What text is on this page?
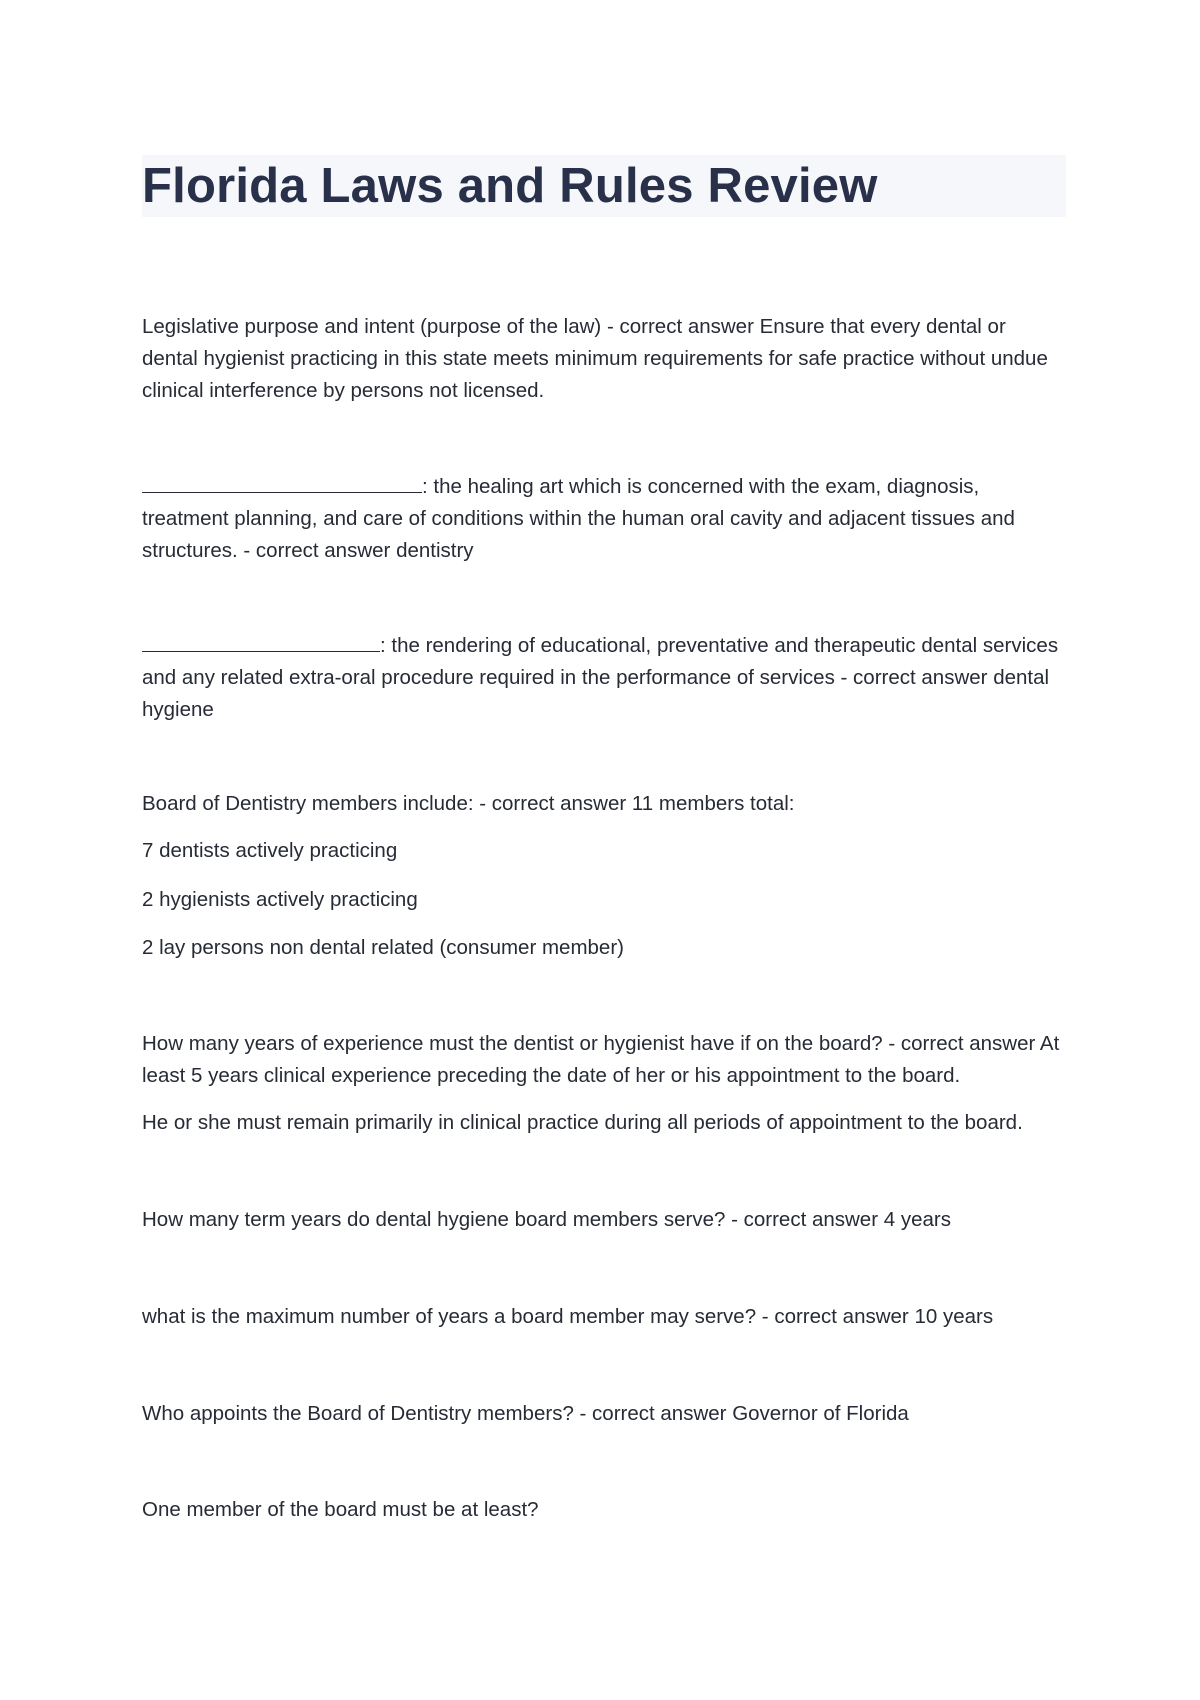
Florida Laws and Rules Review

Legislative purpose and intent (purpose of the law) - correct answer Ensure that every dental or dental hygienist practicing in this state meets minimum requirements for safe practice without undue clinical interference by persons not licensed.

: the healing art which is concerned with the exam, diagnosis, treatment planning, and care of conditions within the human oral cavity and adjacent tissues and structures. - correct answer dentistry

: the rendering of educational, preventative and therapeutic dental services and any related extra-oral procedure required in the performance of services - correct answer dental hygiene

Board of Dentistry members include: - correct answer 11 members total:

7 dentists actively practicing

2 hygienists actively practicing

2 lay persons non dental related (consumer member)

How many years of experience must the dentist or hygienist have if on the board? - correct answer At least 5 years clinical experience preceding the date of her or his appointment to the board.

He or she must remain primarily in clinical practice during all periods of appointment to the board.

How many term years do dental hygiene board members serve? - correct answer 4 years

what is the maximum number of years a board member may serve? - correct answer 10 years

Who appoints the Board of Dentistry members? - correct answer Governor of Florida

One member of the board must be at least?
